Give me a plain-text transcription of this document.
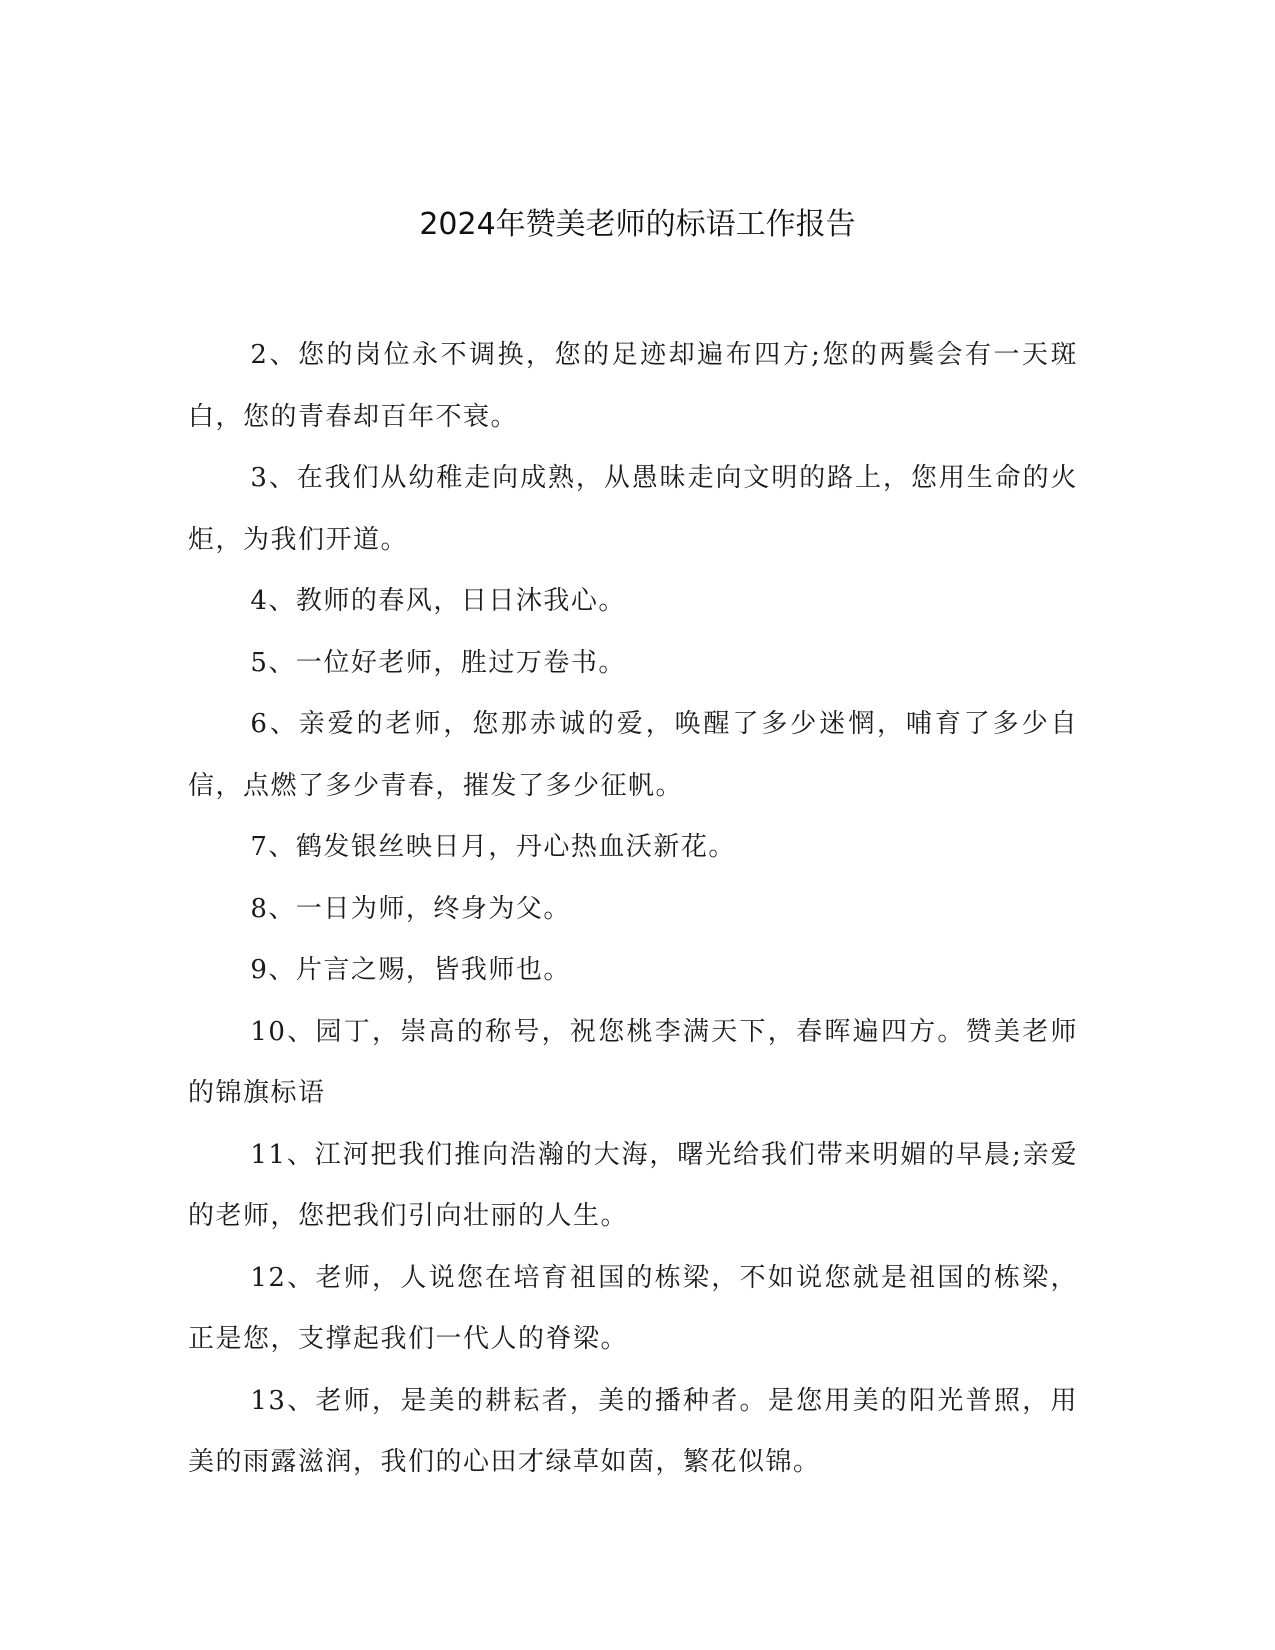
2024年赞美老师的标语工作报告

2、您的岗位永不调换，您的足迹却遍布四方;您的两鬓会有一天斑白，您的青春却百年不衰。

3、在我们从幼稚走向成熟，从愚昧走向文明的路上，您用生命的火炬，为我们开道。

4、教师的春风，日日沐我心。

5、一位好老师，胜过万卷书。

6、亲爱的老师，您那赤诚的爱，唤醒了多少迷惘，哺育了多少自信，点燃了多少青春，摧发了多少征帆。

7、鹤发银丝映日月，丹心热血沃新花。

8、一日为师，终身为父。

9、片言之赐，皆我师也。

10、园丁，崇高的称号，祝您桃李满天下，春晖遍四方。赞美老师的锦旗标语

11、江河把我们推向浩瀚的大海，曙光给我们带来明媚的早晨;亲爱的老师，您把我们引向壮丽的人生。

12、老师，人说您在培育祖国的栋梁，不如说您就是祖国的栋梁，正是您，支撑起我们一代人的脊梁。

13、老师，是美的耕耘者，美的播种者。是您用美的阳光普照，用美的雨露滋润，我们的心田才绿草如茵，繁花似锦。
